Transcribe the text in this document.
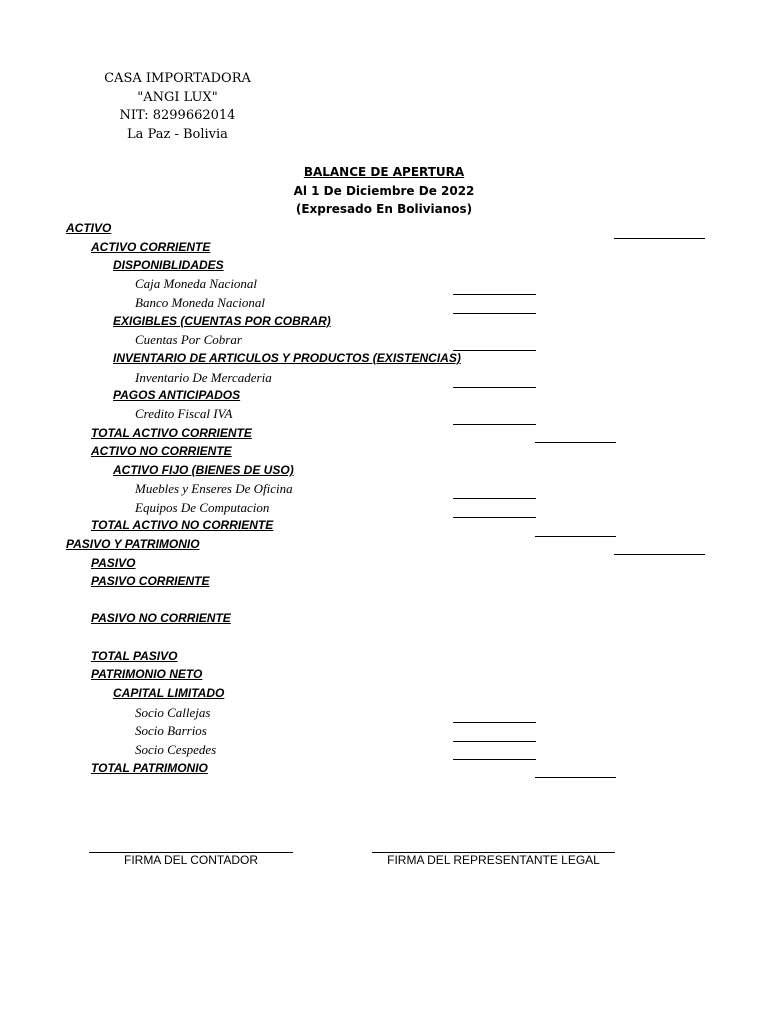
CASA IMPORTADORA
"ANGI LUX"
NIT: 8299662014
La Paz - Bolivia
BALANCE DE APERTURA
Al 1 De Diciembre De 2022
(Expresado En Bolivianos)
ACTIVO
ACTIVO CORRIENTE
DISPONIBLIDADES
Caja Moneda Nacional
Banco Moneda Nacional
EXIGIBLES (CUENTAS POR COBRAR)
Cuentas Por Cobrar
INVENTARIO DE ARTICULOS Y PRODUCTOS (EXISTENCIAS)
Inventario De Mercaderia
PAGOS ANTICIPADOS
Credito Fiscal IVA
TOTAL ACTIVO CORRIENTE
ACTIVO NO CORRIENTE
ACTIVO FIJO (BIENES DE USO)
Muebles y Enseres De Oficina
Equipos De Computacion
TOTAL ACTIVO NO CORRIENTE
PASIVO Y PATRIMONIO
PASIVO
PASIVO CORRIENTE
PASIVO NO CORRIENTE
TOTAL PASIVO
PATRIMONIO NETO
CAPITAL LIMITADO
Socio Callejas
Socio Barrios
Socio Cespedes
TOTAL PATRIMONIO
FIRMA DEL CONTADOR	FIRMA DEL REPRESENTANTE LEGAL
